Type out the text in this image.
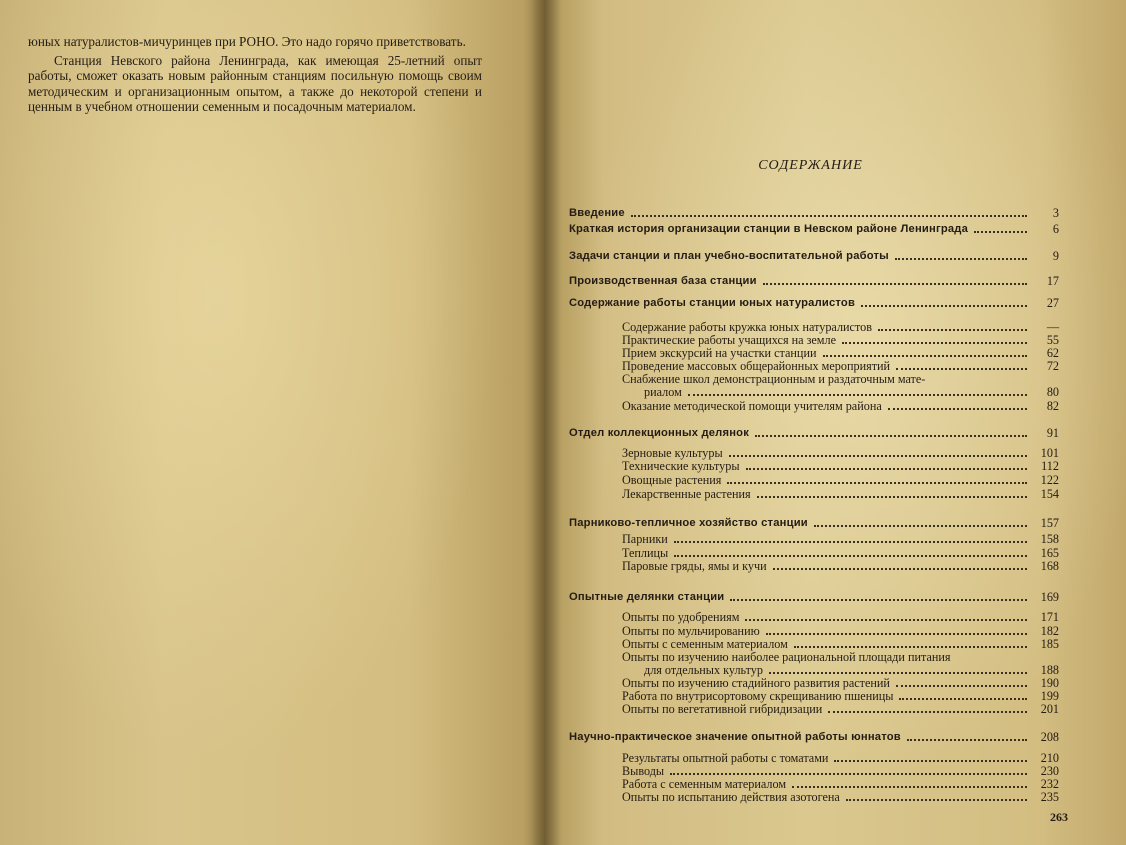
юных натуралистов-мичуринцев при РОНО. Это надо горячо приветствовать.

Станция Невского района Ленинграда, как имеющая 25-летний опыт работы, сможет оказать новым районным станциям посильную помощь своим методическим и организационным опытом, а также до некоторой степени и ценным в учебном отношении семенным и посадочным материалом.

СОДЕРЖАНИЕ
Введение	3
Краткая история организации станции в Невском районе Ленинграда	6
Задачи станции и план учебно-воспитательной работы	9
Производственная база станции	17
Содержание работы станции юных натуралистов	27
Содержание работы кружка юных натуралистов	—
Практические работы учащихся на земле	55
Прием экскурсий на участки станции	62
Проведение массовых общерайонных мероприятий	72
Снабжение школ демонстрационным и раздаточным мате-
риалом	80
Оказание методической помощи учителям района	82
Отдел коллекционных делянок	91
Зерновые культуры	101
Технические культуры	112
Овощные растения	122
Лекарственные растения	154
Парниково-тепличное хозяйство станции	157
Парники	158
Теплицы	165
Паровые гряды, ямы и кучи	168
Опытные делянки станции	169
Опыты по удобрениям	171
Опыты по мульчированию	182
Опыты с семенным материалом	185
Опыты по изучению наиболее рациональной площади питания
для отдельных культур	188
Опыты по изучению стадийного развития растений	190
Работа по внутрисортовому скрещиванию пшеницы	199
Опыты по вегетативной гибридизации	201
Научно-практическое значение опытной работы юннатов	208
Результаты опытной работы с томатами	210
Выводы	230
Работа с семенным материалом	232
Опыты по испытанию действия азотогена	235
263
